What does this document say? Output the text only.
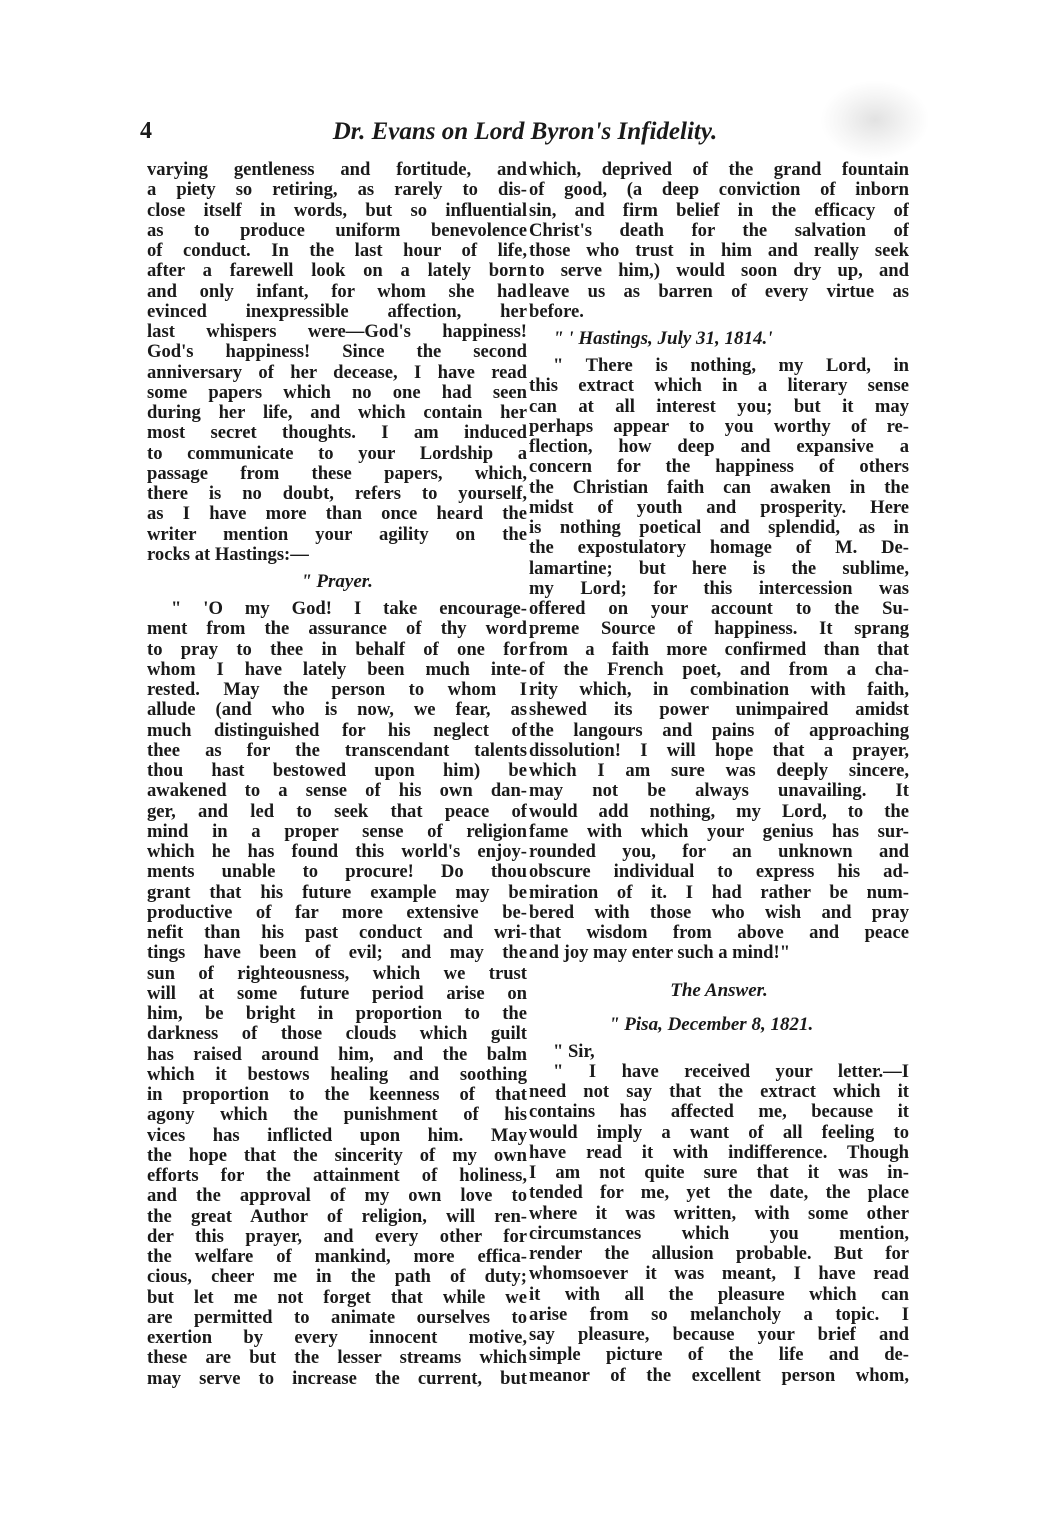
4	Dr. Evans on Lord Byron's Infidelity.
varying gentleness and fortitude, and
a piety so retiring, as rarely to dis-
close itself in words, but so influential
as to produce uniform benevolence
of conduct. In the last hour of life,
after a farewell look on a lately born
and only infant, for whom she had
evinced inexpressible affection, her
last whispers were—God's happiness!
God's happiness! Since the second
anniversary of her decease, I have read
some papers which no one had seen
during her life, and which contain her
most secret thoughts. I am induced
to communicate to your Lordship a
passage from these papers, which,
there is no doubt, refers to yourself,
as I have more than once heard the
writer mention your agility on the
rocks at Hastings:—
" Prayer.
" 'O my God! I take encourage-
ment from the assurance of thy word
to pray to thee in behalf of one for
whom I have lately been much inte-
rested. May the person to whom I
allude (and who is now, we fear, as
much distinguished for his neglect of
thee as for the transcendant talents
thou hast bestowed upon him) be
awakened to a sense of his own dan-
ger, and led to seek that peace of
mind in a proper sense of religion
which he has found this world's enjoy-
ments unable to procure! Do thou
grant that his future example may be
productive of far more extensive be-
nefit than his past conduct and wri-
tings have been of evil; and may the
sun of righteousness, which we trust
will at some future period arise on
him, be bright in proportion to the
darkness of those clouds which guilt
has raised around him, and the balm
which it bestows healing and soothing
in proportion to the keenness of that
agony which the punishment of his
vices has inflicted upon him. May
the hope that the sincerity of my own
efforts for the attainment of holiness,
and the approval of my own love to
the great Author of religion, will ren-
der this prayer, and every other for
the welfare of mankind, more effica-
cious, cheer me in the path of duty;
but let me not forget that while we
are permitted to animate ourselves to
exertion by every innocent motive,
these are but the lesser streams which
may serve to increase the current, but
which, deprived of the grand fountain
of good, (a deep conviction of inborn
sin, and firm belief in the efficacy of
Christ's death for the salvation of
those who trust in him and really seek
to serve him,) would soon dry up, and
leave us as barren of every virtue as
before.
" ' Hastings, July 31, 1814.'
" There is nothing, my Lord, in
this extract which in a literary sense
can at all interest you; but it may
perhaps appear to you worthy of re-
flection, how deep and expansive a
concern for the happiness of others
the Christian faith can awaken in the
midst of youth and prosperity. Here
is nothing poetical and splendid, as in
the expostulatory homage of M. De-
lamartine; but here is the sublime,
my Lord; for this intercession was
offered on your account to the Su-
preme Source of happiness. It sprang
from a faith more confirmed than that
of the French poet, and from a cha-
rity which, in combination with faith,
shewed its power unimpaired amidst
the langours and pains of approaching
dissolution! I will hope that a prayer,
which I am sure was deeply sincere,
may not be always unavailing. It
would add nothing, my Lord, to the
fame with which your genius has sur-
rounded you, for an unknown and
obscure individual to express his ad-
miration of it. I had rather be num-
bered with those who wish and pray
that wisdom from above and peace
and joy may enter such a mind!"
The Answer.
" Pisa, December 8, 1821.
" Sir,
" I have received your letter.—I
need not say that the extract which it
contains has affected me, because it
would imply a want of all feeling to
have read it with indifference. Though
I am not quite sure that it was in-
tended for me, yet the date, the place
where it was written, with some other
circumstances which you mention,
render the allusion probable. But for
whomsoever it was meant, I have read
it with all the pleasure which can
arise from so melancholy a topic. I
say pleasure, because your brief and
simple picture of the life and de-
meanor of the excellent person whom,
